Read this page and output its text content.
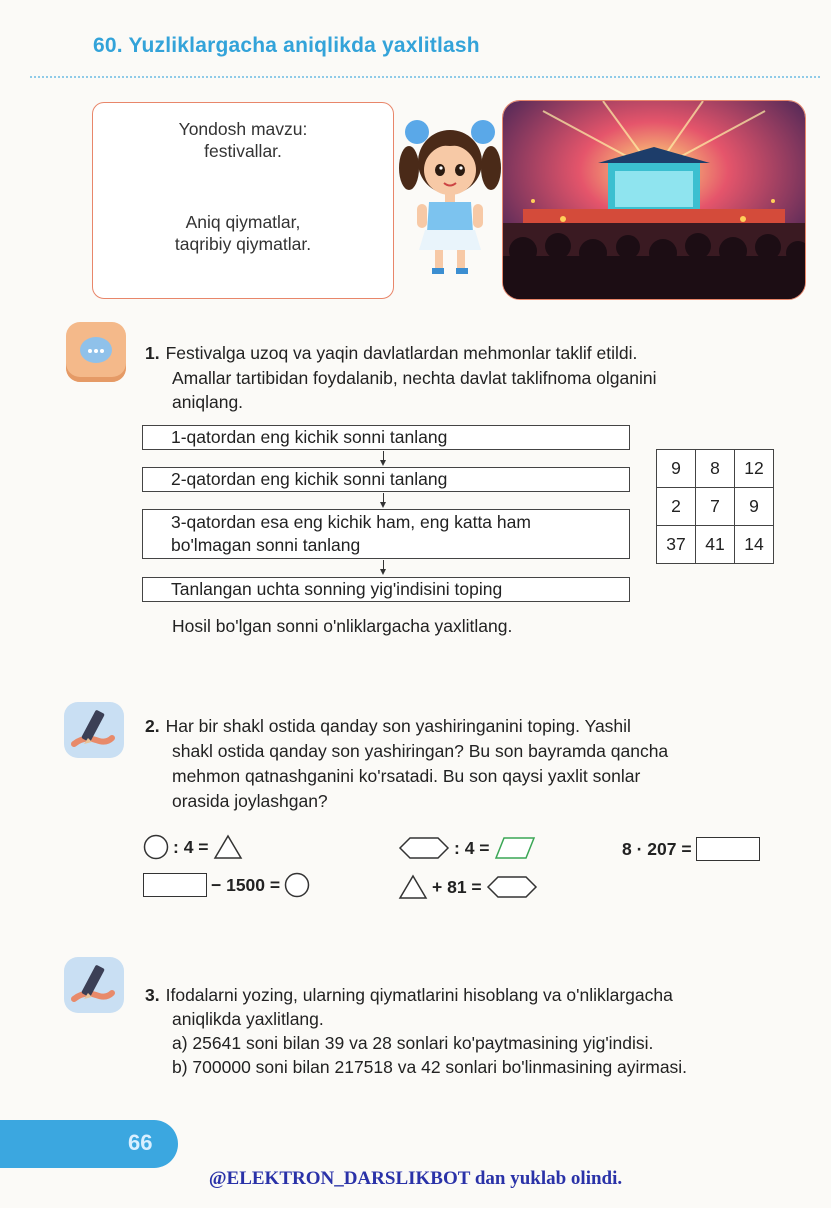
60. Yuzliklargacha aniqlikda yaxlitlash
Yondosh mavzu:
festivallar.
Aniq qiymatlar,
taqribiy qiymatlar.
1. Festivalga uzoq va yaqin davlatlardan mehmonlar taklif etildi.
Amallar tartibidan foydalanib, nechta davlat taklifnoma olganini
aniqlang.
1-qatordan eng kichik sonni tanlang
2-qatordan eng kichik sonni tanlang
3-qatordan esa eng kichik ham, eng katta ham
bo'lmagan sonni tanlang
Tanlangan uchta sonning yig'indisini toping
Hosil bo'lgan sonni o'nliklargacha yaxlitlang.
9	8	12
2	7	9
37	41	14
2. Har bir shakl ostida qanday son yashiringanini toping. Yashil
shakl ostida qanday son yashiringan? Bu son bayramda qancha
mehmon qatnashganini ko'rsatadi. Bu son qaysi yaxlit sonlar
orasida joylashgan?
: 4 =
− 1500 =
: 4 =
+ 81 =
8 · 207 =
3. Ifodalarni yozing, ularning qiymatlarini hisoblang va o'nliklargacha
aniqlikda yaxlitlang.
a) 25641 soni bilan 39 va 28 sonlari ko'paytmasining yig'indisi.
b) 700000 soni bilan 217518 va 42 sonlari bo'linmasining ayirmasi.
66
@ELEKTRON_DARSLIKBOT dan yuklab olindi.
